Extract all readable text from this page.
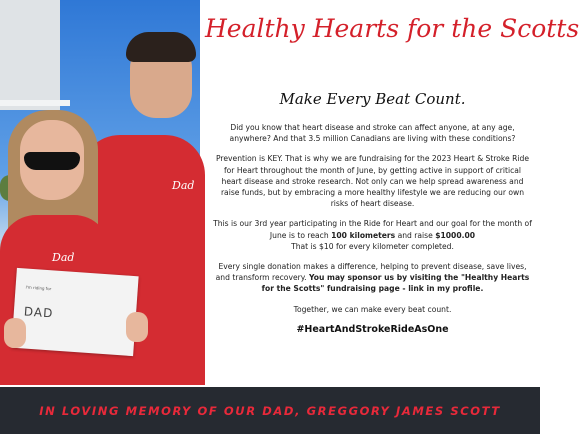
Dad
Dad
I'm riding for
DAD
Healthy Hearts for the Scotts
Make Every Beat Count.

Did you know that heart disease and stroke can affect anyone, at any age, anywhere? And that 3.5 million Canadians are living with these conditions?

Prevention is KEY. That is why we are fundraising for the 2023 Heart & Stroke Ride for Heart throughout the month of June, by getting active in support of critical heart disease and stroke research. Not only can we help spread awareness and raise funds, but by embracing a more healthy lifestyle we are reducing our own risks of heart disease.

This is our 3rd year participating in the Ride for Heart and our goal for the month of June is to reach 100 kilometers and raise $1000.00
That is $10 for every kilometer completed.

Every single donation makes a difference, helping to prevent disease, save lives, and transform recovery. You may sponsor us by visiting the "Healthy Hearts for the Scotts" fundraising page - link in my profile.

Together, we can make every beat count.

#HeartAndStrokeRideAsOne
IN LOVING MEMORY OF OUR DAD, GREGGORY JAMES SCOTT
